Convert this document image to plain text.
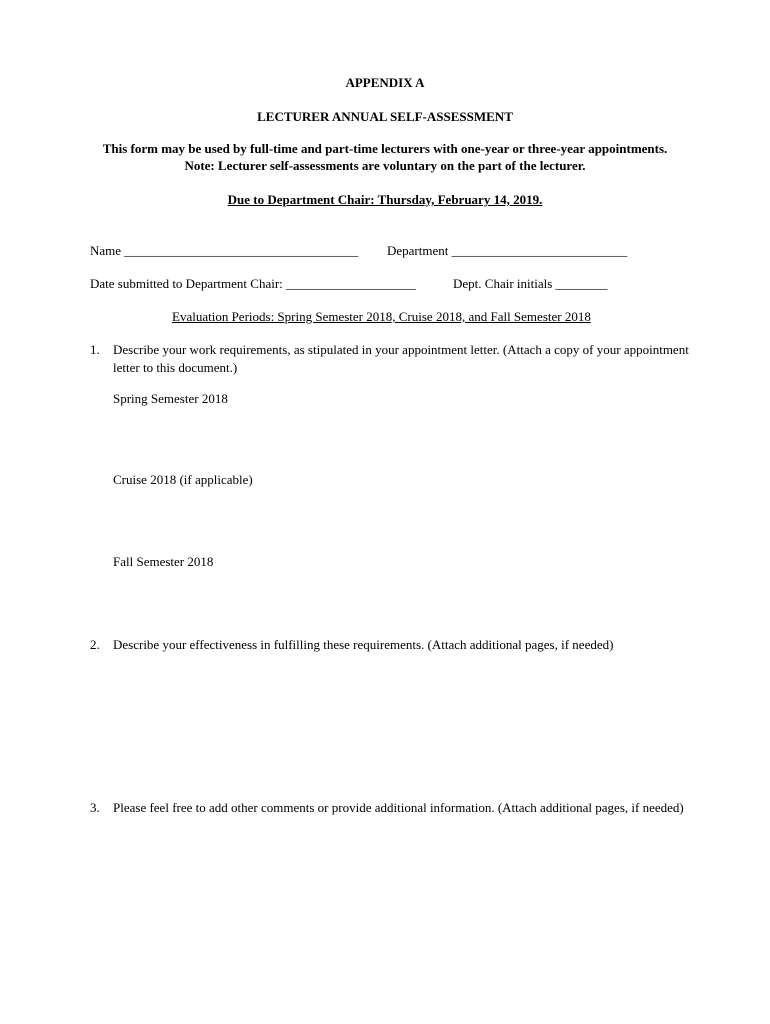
APPENDIX A
LECTURER ANNUAL SELF-ASSESSMENT
This form may be used by full-time and part-time lecturers with one-year or three-year appointments. Note: Lecturer self-assessments are voluntary on the part of the lecturer.
Due to Department Chair: Thursday, February 14, 2019.
Name ____________________________________ Department ___________________________
Date submitted to Department Chair: ____________________	Dept. Chair initials ________
Evaluation Periods: Spring Semester 2018, Cruise 2018, and Fall Semester 2018
1. Describe your work requirements, as stipulated in your appointment letter. (Attach a copy of your appointment letter to this document.)
Spring Semester 2018
Cruise 2018 (if applicable)
Fall Semester 2018
2. Describe your effectiveness in fulfilling these requirements. (Attach additional pages, if needed)
3. Please feel free to add other comments or provide additional information. (Attach additional pages, if needed)
